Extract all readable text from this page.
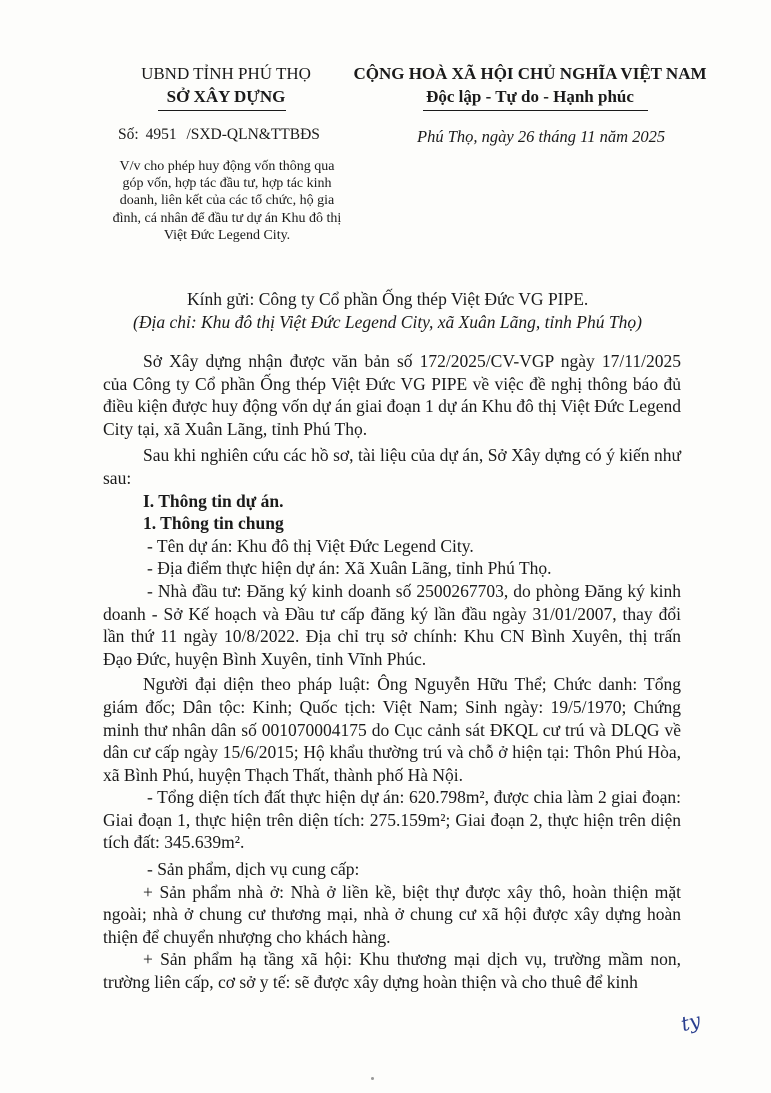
UBND TỈNH PHÚ THỌ
SỞ XÂY DỰNG
CỘNG HOÀ XÃ HỘI CHỦ NGHĨA VIỆT NAM
Độc lập - Tự do - Hạnh phúc
Số: 4951 /SXD-QLN&TTBĐS	Phú Thọ, ngày 26 tháng 11 năm 2025
V/v cho phép huy động vốn thông qua góp vốn, hợp tác đầu tư, hợp tác kinh doanh, liên kết của các tổ chức, hộ gia đình, cá nhân để đầu tư dự án Khu đô thị Việt Đức Legend City.
Kính gửi: Công ty Cổ phần Ống thép Việt Đức VG PIPE.
(Địa chỉ: Khu đô thị Việt Đức Legend City, xã Xuân Lãng, tỉnh Phú Thọ)

Sở Xây dựng nhận được văn bản số 172/2025/CV-VGP ngày 17/11/2025 của Công ty Cổ phần Ống thép Việt Đức VG PIPE về việc đề nghị thông báo đủ điều kiện được huy động vốn dự án giai đoạn 1 dự án Khu đô thị Việt Đức Legend City tại, xã Xuân Lãng, tỉnh Phú Thọ.

Sau khi nghiên cứu các hồ sơ, tài liệu của dự án, Sở Xây dựng có ý kiến như sau:

I. Thông tin dự án.

1. Thông tin chung

- Tên dự án: Khu đô thị Việt Đức Legend City.

- Địa điểm thực hiện dự án: Xã Xuân Lãng, tỉnh Phú Thọ.

- Nhà đầu tư: Đăng ký kinh doanh số 2500267703, do phòng Đăng ký kinh doanh - Sở Kế hoạch và Đầu tư cấp đăng ký lần đầu ngày 31/01/2007, thay đổi lần thứ 11 ngày 10/8/2022. Địa chỉ trụ sở chính: Khu CN Bình Xuyên, thị trấn Đạo Đức, huyện Bình Xuyên, tỉnh Vĩnh Phúc.

Người đại diện theo pháp luật: Ông Nguyễn Hữu Thể; Chức danh: Tổng giám đốc; Dân tộc: Kinh; Quốc tịch: Việt Nam; Sinh ngày: 19/5/1970; Chứng minh thư nhân dân số 001070004175 do Cục cảnh sát ĐKQL cư trú và DLQG về dân cư cấp ngày 15/6/2015; Hộ khẩu thường trú và chỗ ở hiện tại: Thôn Phú Hòa, xã Bình Phú, huyện Thạch Thất, thành phố Hà Nội.

- Tổng diện tích đất thực hiện dự án: 620.798m², được chia làm 2 giai đoạn: Giai đoạn 1, thực hiện trên diện tích: 275.159m²; Giai đoạn 2, thực hiện trên diện tích đất: 345.639m².

- Sản phẩm, dịch vụ cung cấp:

+ Sản phẩm nhà ở: Nhà ở liền kề, biệt thự được xây thô, hoàn thiện mặt ngoài; nhà ở chung cư thương mại, nhà ở chung cư xã hội được xây dựng hoàn thiện để chuyển nhượng cho khách hàng.

+ Sản phẩm hạ tầng xã hội: Khu thương mại dịch vụ, trường mầm non, trường liên cấp, cơ sở y tế: sẽ được xây dựng hoàn thiện và cho thuê để kinh

ty
